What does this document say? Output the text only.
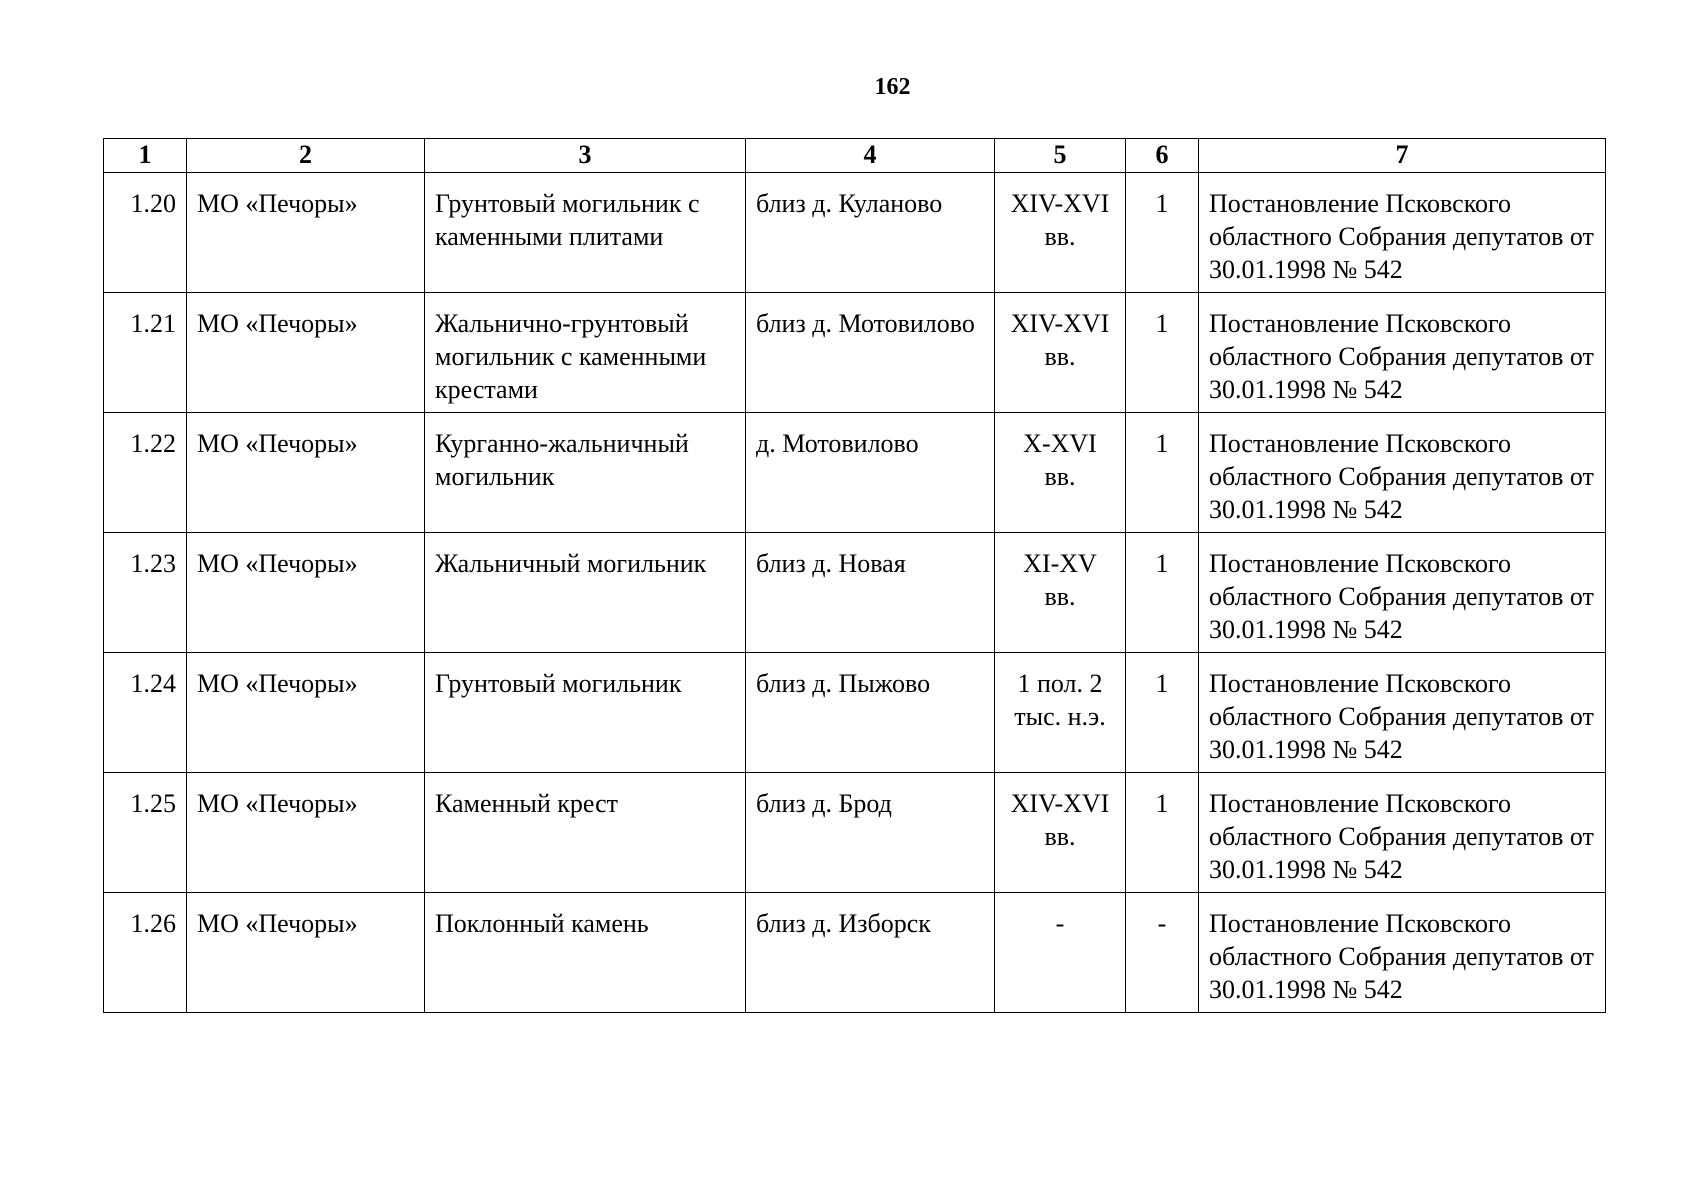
162
1	2	3	4	5	6	7
1.20	МО «Печоры»	Грунтовый могильник с каменными плитами	близ д. Куланово	XIV-XVI вв.	1	Постановление Псковского областного Собрания депутатов от 30.01.1998 № 542
1.21	МО «Печоры»	Жальнично-грунтовый могильник с каменными крестами	близ д. Мотовилово	XIV-XVI вв.	1	Постановление Псковского областного Собрания депутатов от 30.01.1998 № 542
1.22	МО «Печоры»	Курганно-жальничный могильник	д. Мотовилово	X-XVI вв.	1	Постановление Псковского областного Собрания депутатов от 30.01.1998 № 542
1.23	МО «Печоры»	Жальничный могильник	близ д. Новая	XI-XV вв.	1	Постановление Псковского областного Собрания депутатов от 30.01.1998 № 542
1.24	МО «Печоры»	Грунтовый могильник	близ д. Пыжово	1 пол. 2 тыс. н.э.	1	Постановление Псковского областного Собрания депутатов от 30.01.1998 № 542
1.25	МО «Печоры»	Каменный крест	близ д. Брод	XIV-XVI вв.	1	Постановление Псковского областного Собрания депутатов от 30.01.1998 № 542
1.26	МО «Печоры»	Поклонный камень	близ д. Изборск	-	-	Постановление Псковского областного Собрания депутатов от 30.01.1998 № 542
